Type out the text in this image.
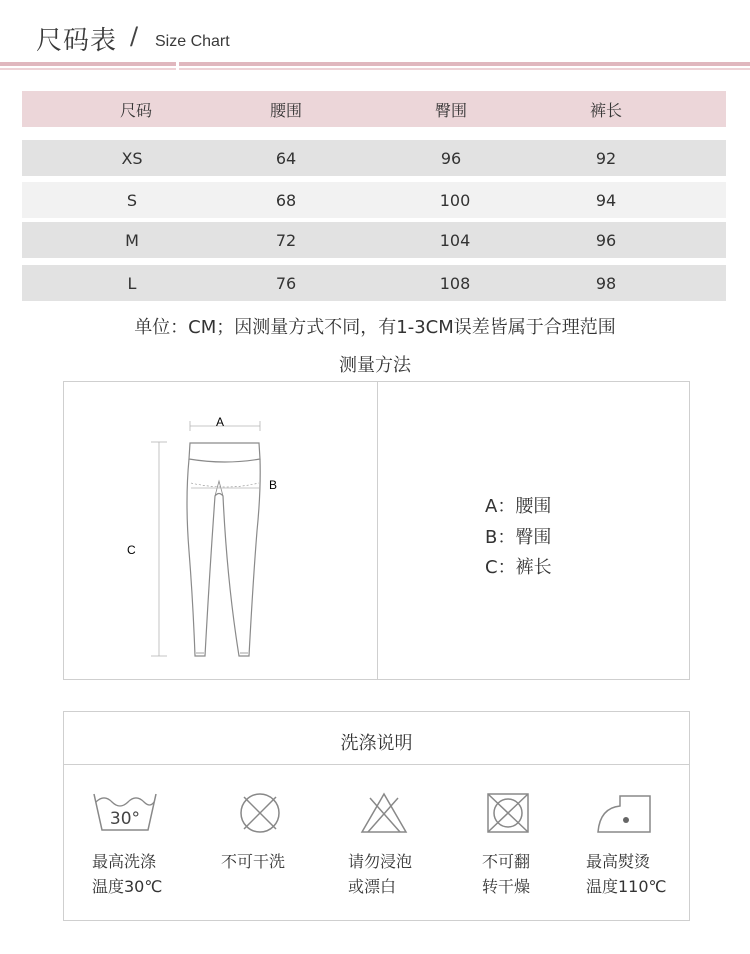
尺码表 / Size Chart
尺码	腰围	臀围	裤长
XS	64	96	92
S	68	100	94
M	72	104	96
L	76	108	98
单位：CM；因测量方式不同，有1-3CM误差皆属于合理范围
测量方法
A
B
C
A：腰围
B：臀围
C：裤长
洗涤说明
30°
最高洗涤
温度30℃
不可干洗	请勿浸泡
或漂白
不可翻
转干燥
最高熨烫
温度110℃
